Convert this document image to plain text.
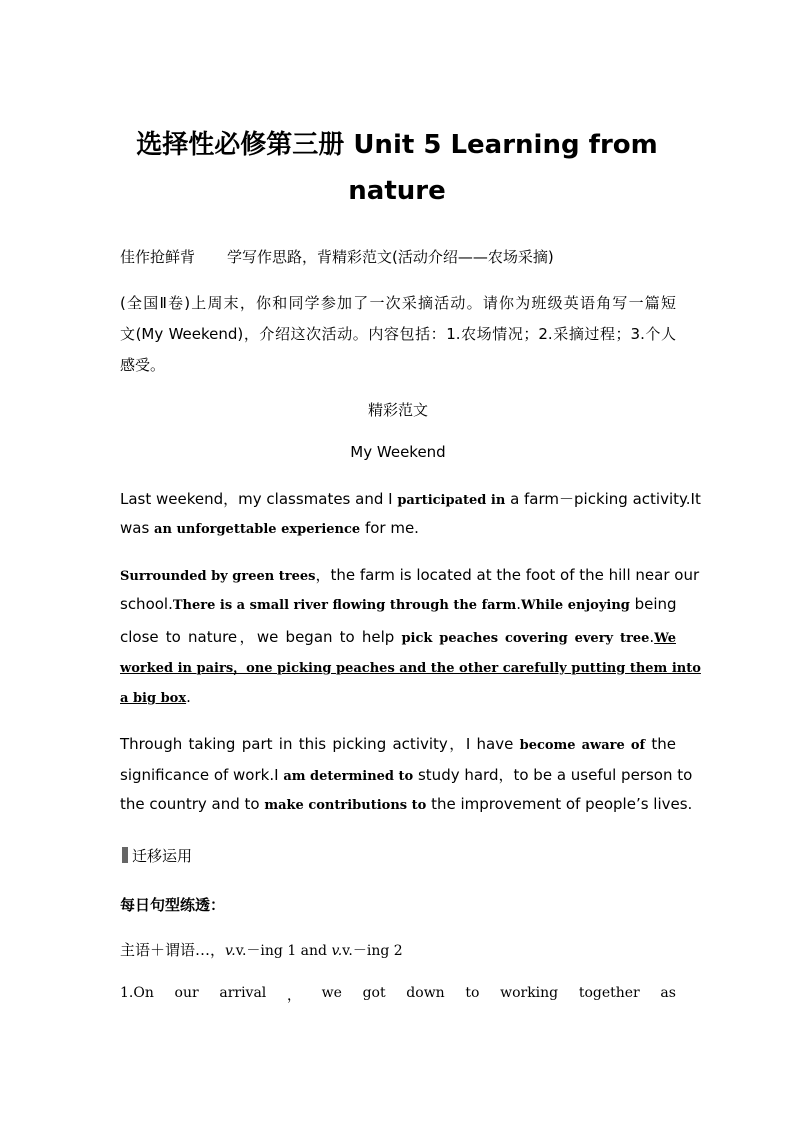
选择性必修第三册 Unit 5 Learning from
nature
佳作抢鲜背 学写作思路，背精彩范文(活动介绍——农场采摘)
(全国Ⅱ卷)上周末，你和同学参加了一次采摘活动。请你为班级英语角写一篇短
文(My Weekend)，介绍这次活动。内容包括：1.农场情况；2.采摘过程；3.个人
感受。
精彩范文
My Weekend
Last weekend，my classmates and I participated in a farm－picking activity.It
was an unforgettable experience for me.
Surrounded by green trees，the farm is located at the foot of the hill near our
school.There is a small river flowing through the farm.While enjoying being
close to nature，we began to help pick peaches covering every tree.We
worked in pairs，one picking peaches and the other carefully putting them into
a big box.
Through taking part in this picking activity，I have become aware of the
significance of work.I am determined to study hard，to be a useful person to
the country and to make contributions to the improvement of people’s lives.
迁移运用
每日句型练透：
主语＋谓语…，v.v.－ing 1 and v.v.－ing 2
1.On our arrival ， we got down to working together as
